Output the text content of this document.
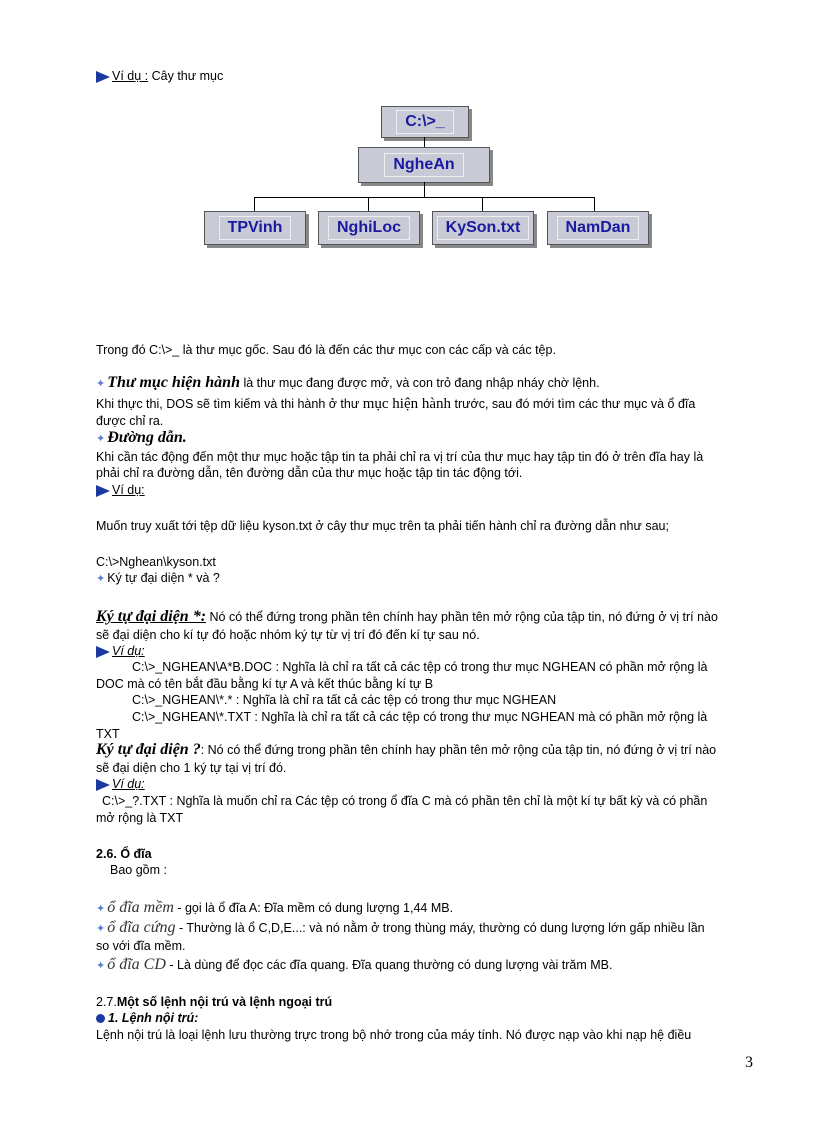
Ví dụ : Cây thư mục
C:\>_
NgheAn
TPVinh	NghiLoc	KySon.txt	NamDan
Trong đó C:\>_ là thư mục gốc. Sau đó là đến các thư mục con các cấp và các tệp.
✦ Thư mục hiện hành là thư mục đang được mở, và con trỏ đang nhập nháy chờ lệnh.
Khi thực thi, DOS sẽ tìm kiếm và thi hành ở thư mục hiện hành trước, sau đó mới tìm các thư mục và ổ đĩa
được chỉ ra.
✦ Đường dẫn.
Khi cần tác động đến một thư mục hoặc tập tin ta phải chỉ ra vị trí của thư mục hay tập tin đó ở trên đĩa hay là
phải chỉ ra đường dẫn, tên đường dẫn của thư mục hoặc tập tin tác động tới.
Ví dụ:
Muốn truy xuất tới tệp dữ liệu kyson.txt ở cây thư mục trên ta phải tiến hành chỉ ra đường dẫn như sau;
C:\>Nghean\kyson.txt
✦ Ký tự đại diện * và ?
Ký tự đại diện *: Nó có thể đứng trong phần tên chính hay phần tên mở rộng của tập tin, nó đứng ở vị trí nào
sẽ đại diện cho kí tự đó hoặc nhóm ký tự từ vị trí đó đến kí tự sau nó.
Ví dụ:
C:\>_NGHEAN\A*B.DOC : Nghĩa là chỉ ra tất cả các tệp có trong thư mục NGHEAN có phần mở rộng là
DOC mà có tên bắt đầu bằng kí tự A và kết thúc bằng kí tự B
C:\>_NGHEAN\*.* : Nghĩa là chỉ ra tất cả các tệp có trong thư mục NGHEAN
C:\>_NGHEAN\*.TXT : Nghĩa là chỉ ra tất cả các tệp có trong thư mục NGHEAN mà có phần mở rộng là
TXT
Ký tự đại diện ?: Nó có thể đứng trong phần tên chính hay phần tên mở rộng của tập tin, nó đứng ở vị trí nào
sẽ đại diện cho 1 ký tự tại vị trí đó.
Ví dụ:
C:\>_?.TXT : Nghĩa là muốn chỉ ra Các tệp có trong ổ đĩa C mà có phần tên chỉ là một kí tự bất kỳ và có phần
mở rộng là TXT
2.6. Ổ đĩa
Bao gồm :
✦ ổ đĩa mềm - gọi là ổ đĩa A: Đĩa mềm có dung lượng 1,44 MB.
✦ ổ đĩa cứng - Thường là ổ C,D,E...: và nó nằm ở trong thùng máy, thường có dung lượng lớn gấp nhiều lần
so với đĩa mềm.
✦ ổ đĩa CD - Là dùng để đọc các đĩa quang. Đĩa quang thường có dung lượng vài trăm MB.
2.7.Một số lệnh nội trú và lệnh ngoại trú
1. Lệnh nội trú:
Lệnh nội trú là loại lệnh lưu thường trực trong bộ nhớ trong của máy tính. Nó được nạp vào khi nạp hệ điều
3
